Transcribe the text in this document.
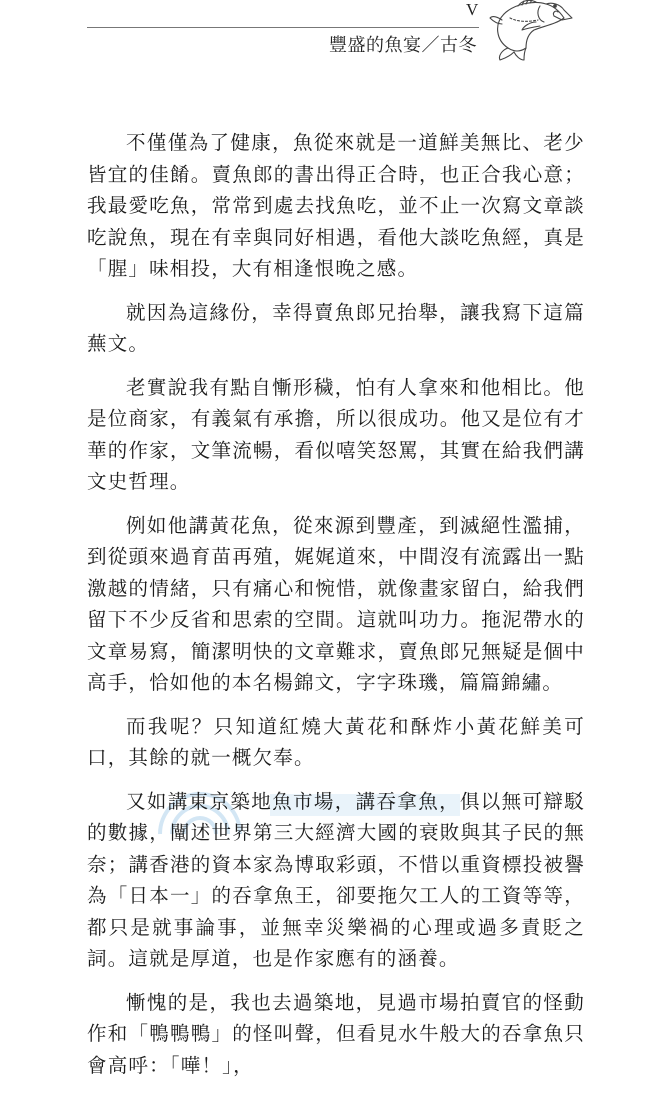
V
豐盛的魚宴／古冬

不僅僅為了健康，魚從來就是一道鮮美無比、老少皆宜的佳餚。賣魚郎的書出得正合時，也正合我心意；我最愛吃魚，常常到處去找魚吃，並不止一次寫文章談吃說魚，現在有幸與同好相遇，看他大談吃魚經，真是「腥」味相投，大有相逢恨晚之感。

就因為這緣份，幸得賣魚郎兄抬舉，讓我寫下這篇蕪文。

老實說我有點自慚形穢，怕有人拿來和他相比。他是位商家，有義氣有承擔，所以很成功。他又是位有才華的作家，文筆流暢，看似嘻笑怒罵，其實在給我們講文史哲理。

例如他講黃花魚，從來源到豐產，到滅絕性濫捕，到從頭來過育苗再殖，娓娓道來，中間沒有流露出一點激越的情緒，只有痛心和惋惜，就像畫家留白，給我們留下不少反省和思索的空間。這就叫功力。拖泥帶水的文章易寫，簡潔明快的文章難求，賣魚郎兄無疑是個中高手，恰如他的本名楊錦文，字字珠璣，篇篇錦繡。

而我呢？只知道紅燒大黃花和酥炸小黃花鮮美可口，其餘的就一概欠奉。

又如講東京築地魚市場，講吞拿魚，俱以無可辯駁的數據，闡述世界第三大經濟大國的衰敗與其子民的無奈；講香港的資本家為博取彩頭，不惜以重資標投被譽為「日本一」的吞拿魚王，卻要拖欠工人的工資等等，都只是就事論事，並無幸災樂禍的心理或過多責貶之詞。這就是厚道，也是作家應有的涵養。

慚愧的是，我也去過築地，見過市場拍賣官的怪動作和「鴨鴨鴨」的怪叫聲，但看見水牛般大的吞拿魚只會高呼：「嘩！」，
